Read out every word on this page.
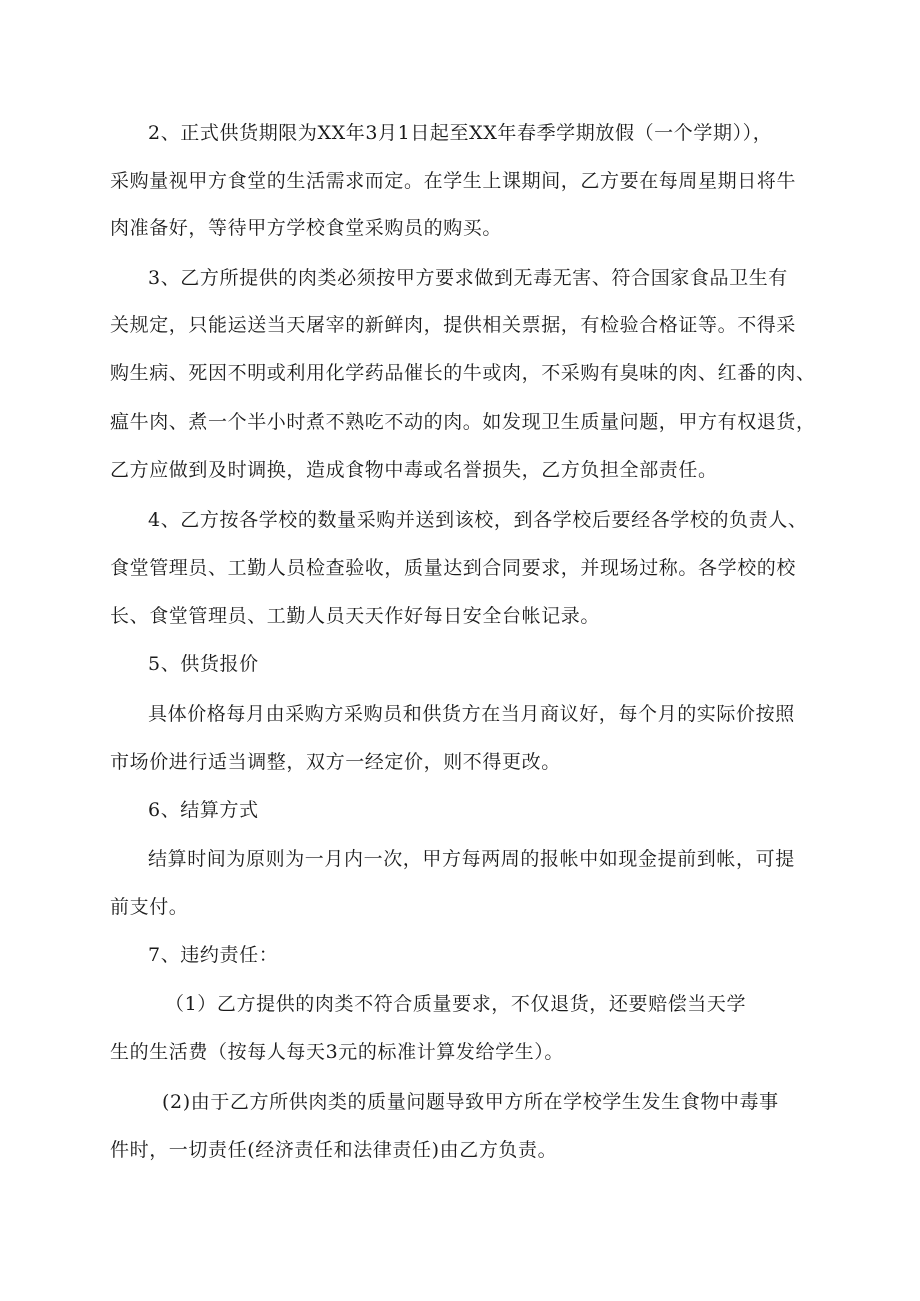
2、正式供货期限为XX年3月1日起至XX年春季学期放假（一个学期）），
采购量视甲方食堂的生活需求而定。在学生上课期间，乙方要在每周星期日将牛
肉准备好，等待甲方学校食堂采购员的购买。
3、乙方所提供的肉类必须按甲方要求做到无毒无害、符合国家食品卫生有
关规定，只能运送当天屠宰的新鲜肉，提供相关票据，有检验合格证等。不得采
购生病、死因不明或利用化学药品催长的牛或肉，不采购有臭味的肉、红番的肉、
瘟牛肉、煮一个半小时煮不熟吃不动的肉。如发现卫生质量问题，甲方有权退货，
乙方应做到及时调换，造成食物中毒或名誉损失，乙方负担全部责任。
4、乙方按各学校的数量采购并送到该校，到各学校后要经各学校的负责人、
食堂管理员、工勤人员检查验收，质量达到合同要求，并现场过称。各学校的校
长、食堂管理员、工勤人员天天作好每日安全台帐记录。
5、供货报价
具体价格每月由采购方采购员和供货方在当月商议好，每个月的实际价按照
市场价进行适当调整，双方一经定价，则不得更改。
6、结算方式
结算时间为原则为一月内一次，甲方每两周的报帐中如现金提前到帐，可提
前支付。
7、违约责任：
（1）乙方提供的肉类不符合质量要求，不仅退货，还要赔偿当天学
生的生活费（按每人每天3元的标准计算发给学生）。
(2)由于乙方所供肉类的质量问题导致甲方所在学校学生发生食物中毒事
件时，一切责任(经济责任和法律责任)由乙方负责。
